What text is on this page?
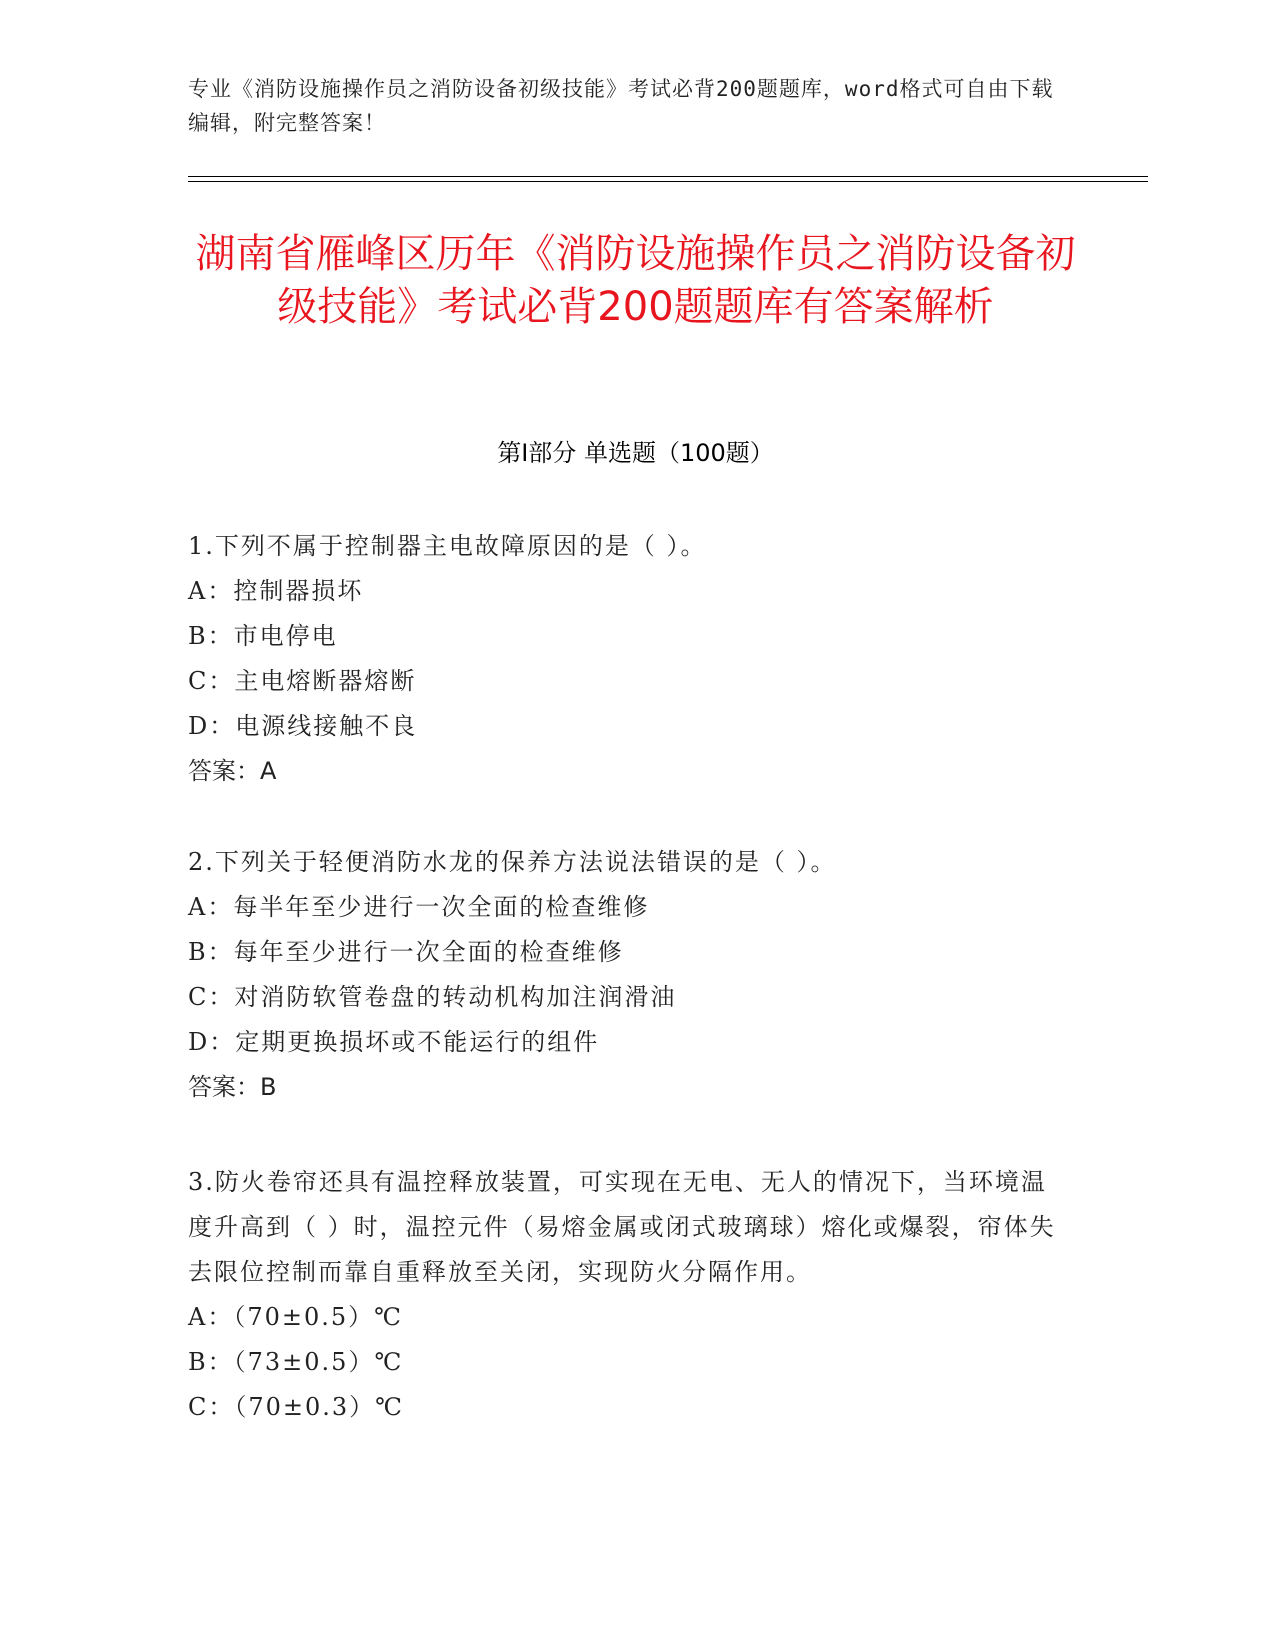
专业《消防设施操作员之消防设备初级技能》考试必背200题题库，word格式可自由下载编辑，附完整答案！
湖南省雁峰区历年《消防设施操作员之消防设备初级技能》考试必背200题题库有答案解析
第Ⅰ部分 单选题（100题）
1.下列不属于控制器主电故障原因的是（ ）。
A：控制器损坏
B：市电停电
C：主电熔断器熔断
D：电源线接触不良
答案：A
2.下列关于轻便消防水龙的保养方法说法错误的是（ ）。
A：每半年至少进行一次全面的检查维修
B：每年至少进行一次全面的检查维修
C：对消防软管卷盘的转动机构加注润滑油
D：定期更换损坏或不能运行的组件
答案：B
3.防火卷帘还具有温控释放装置，可实现在无电、无人的情况下，当环境温度升高到（ ）时，温控元件（易熔金属或闭式玻璃球）熔化或爆裂，帘体失去限位控制而靠自重释放至关闭，实现防火分隔作用。
A：（70±0.5）℃
B：（73±0.5）℃
C：（70±0.3）℃
